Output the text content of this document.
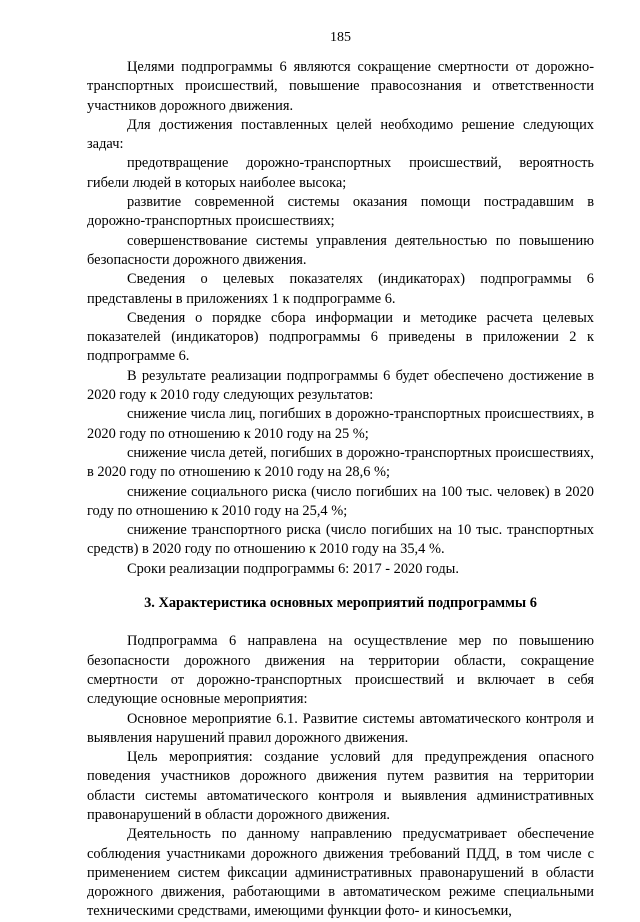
185

Целями подпрограммы 6 являются сокращение смертности от дорожно-транспортных происшествий, повышение правосознания и ответственности участников дорожного движения.

Для достижения поставленных целей необходимо решение следующих задач:

предотвращение дорожно-транспортных происшествий, вероятность гибели людей в которых наиболее высока;

развитие современной системы оказания помощи пострадавшим в дорожно-транспортных происшествиях;

совершенствование системы управления деятельностью по повышению безопасности дорожного движения.

Сведения о целевых показателях (индикаторах) подпрограммы 6 представлены в приложениях 1 к подпрограмме 6.

Сведения о порядке сбора информации и методике расчета целевых показателей (индикаторов) подпрограммы 6 приведены в приложении 2 к подпрограмме 6.

В результате реализации подпрограммы 6 будет обеспечено достижение в 2020 году к 2010 году следующих результатов:

снижение числа лиц, погибших в дорожно-транспортных происшествиях, в 2020 году по отношению к 2010 году на 25 %;

снижение числа детей, погибших в дорожно-транспортных происшествиях, в 2020 году по отношению к 2010 году на 28,6 %;

снижение социального риска (число погибших на 100 тыс. человек) в 2020 году по отношению к 2010 году на 25,4 %;

снижение транспортного риска (число погибших на 10 тыс. транспортных средств) в 2020 году по отношению к 2010 году на 35,4 %.

Сроки реализации подпрограммы 6: 2017 - 2020 годы.

3. Характеристика основных мероприятий подпрограммы 6

Подпрограмма 6 направлена на осуществление мер по повышению безопасности дорожного движения на территории области, сокращение смертности от дорожно-транспортных происшествий и включает в себя следующие основные мероприятия:

Основное мероприятие 6.1. Развитие системы автоматического контроля и выявления нарушений правил дорожного движения.

Цель мероприятия: создание условий для предупреждения опасного поведения участников дорожного движения путем развития на территории области системы автоматического контроля и выявления административных правонарушений в области дорожного движения.

Деятельность по данному направлению предусматривает обеспечение соблюдения участниками дорожного движения требований ПДД, в том числе с применением систем фиксации административных правонарушений в области дорожного движения, работающими в автоматическом режиме специальными техническими средствами, имеющими функции фото- и киносъемки,
